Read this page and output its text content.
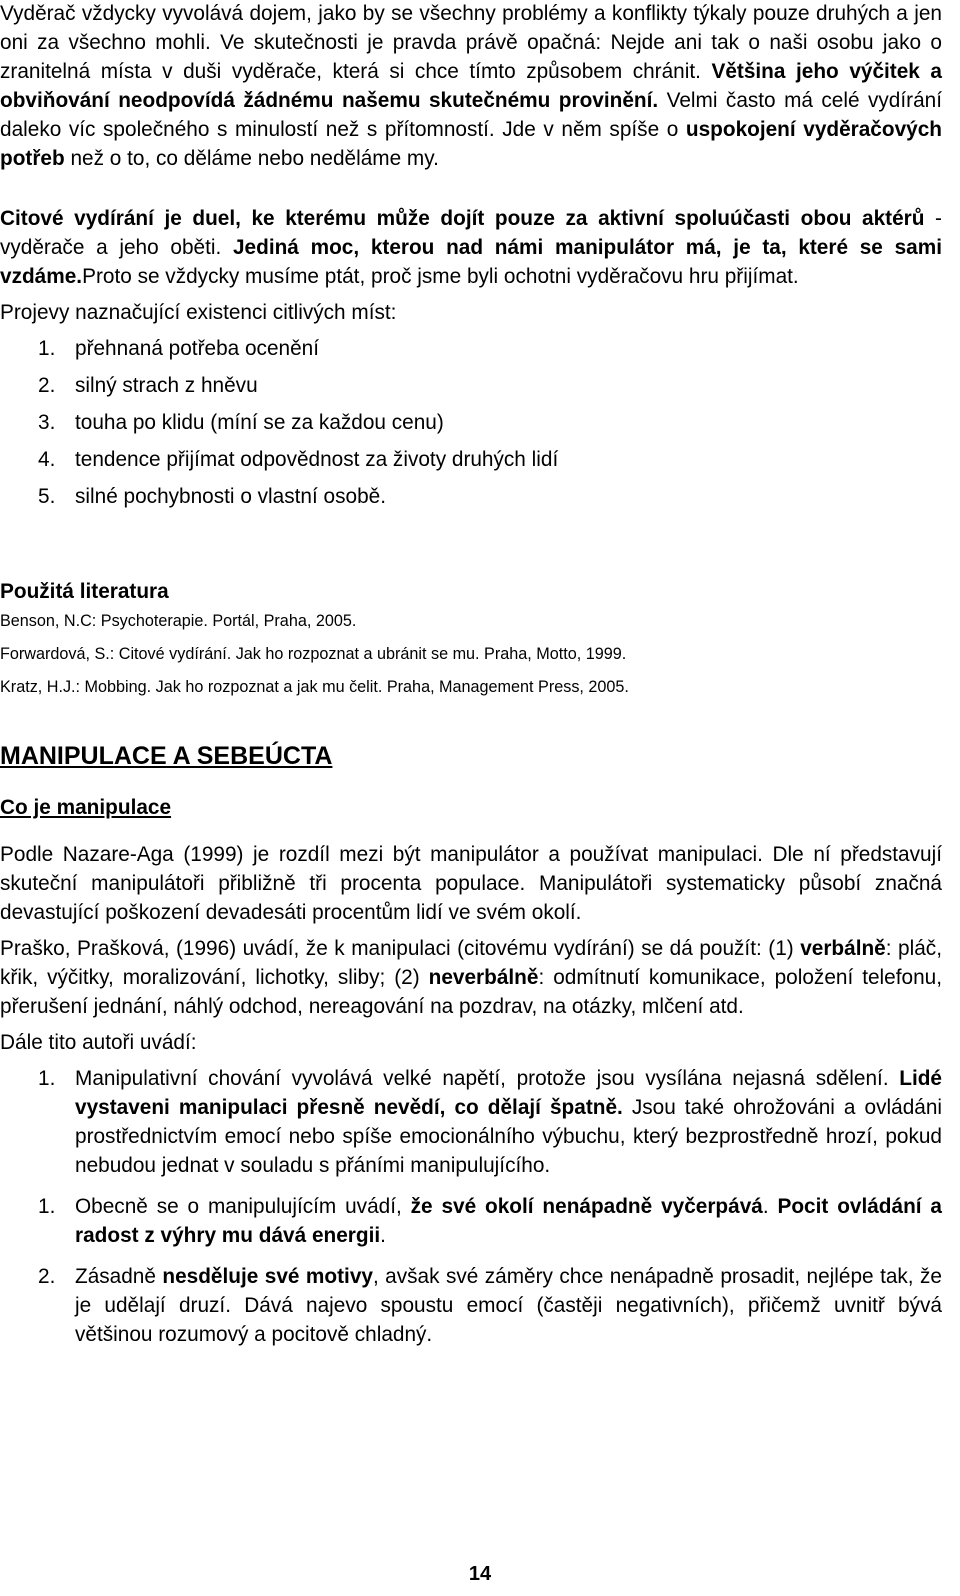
Vyděrač vždycky vyvolává dojem, jako by se všechny problémy a konflikty týkaly pouze druhých a jen oni za všechno mohli. Ve skutečnosti je pravda právě opačná: Nejde ani tak o naši osobu jako o zranitelná místa v duši vyděrače, která si chce tímto způsobem chránit. Většina jeho výčitek a obviňování neodpovídá žádnému našemu skutečnému provinění. Velmi často má celé vydírání daleko víc společného s minulostí než s přítomností. Jde v něm spíše o uspokojení vyděračových potřeb než o to, co děláme nebo neděláme my.

Citové vydírání je duel, ke kterému může dojít pouze za aktivní spoluúčasti obou aktérů - vyděrače a jeho oběti. Jediná moc, kterou nad námi manipulátor má, je ta, které se sami vzdáme.Proto se vždycky musíme ptát, proč jsme byli ochotni vyděračovu hru přijímat.

Projevy naznačující existenci citlivých míst:

1. přehnaná potřeba ocenění
2. silný strach z hněvu
3. touha po klidu (míní se za každou cenu)
4. tendence přijímat odpovědnost za životy druhých lidí
5. silné pochybnosti o vlastní osobě.

Použitá literatura

Benson, N.C: Psychoterapie. Portál, Praha, 2005.

Forwardová, S.: Citové vydírání. Jak ho rozpoznat a ubránit se mu. Praha, Motto, 1999.

Kratz, H.J.: Mobbing. Jak ho rozpoznat a jak mu čelit. Praha, Management Press, 2005.

MANIPULACE A SEBEÚCTA

Co je manipulace

Podle Nazare-Aga (1999) je rozdíl mezi být manipulátor a používat manipulaci. Dle ní představují skuteční manipulátoři přibližně tři procenta populace. Manipulátoři systematicky působí značná devastující poškození devadesáti procentům lidí ve svém okolí.

Praško, Prašková, (1996) uvádí, že k manipulaci (citovému vydírání) se dá použít: (1) verbálně: pláč, křik, výčitky, moralizování, lichotky, sliby; (2) neverbálně: odmítnutí komunikace, položení telefonu, přerušení jednání, náhlý odchod, nereagování na pozdrav, na otázky, mlčení atd.

Dále tito autoři uvádí:

1. Manipulativní chování vyvolává velké napětí, protože jsou vysílána nejasná sdělení. Lidé vystaveni manipulaci přesně nevědí, co dělají špatně. Jsou také ohrožováni a ovládáni prostřednictvím emocí nebo spíše emocionálního výbuchu, který bezprostředně hrozí, pokud nebudou jednat v souladu s přáními manipulujícího.
1. Obecně se o manipulujícím uvádí, že své okolí nenápadně vyčerpává. Pocit ovládání a radost z výhry mu dává energii.
2. Zásadně nesděluje své motivy, avšak své záměry chce nenápadně prosadit, nejlépe tak, že je udělají druzí. Dává najevo spoustu emocí (častěji negativních), přičemž uvnitř bývá většinou rozumový a pocitově chladný.
14
